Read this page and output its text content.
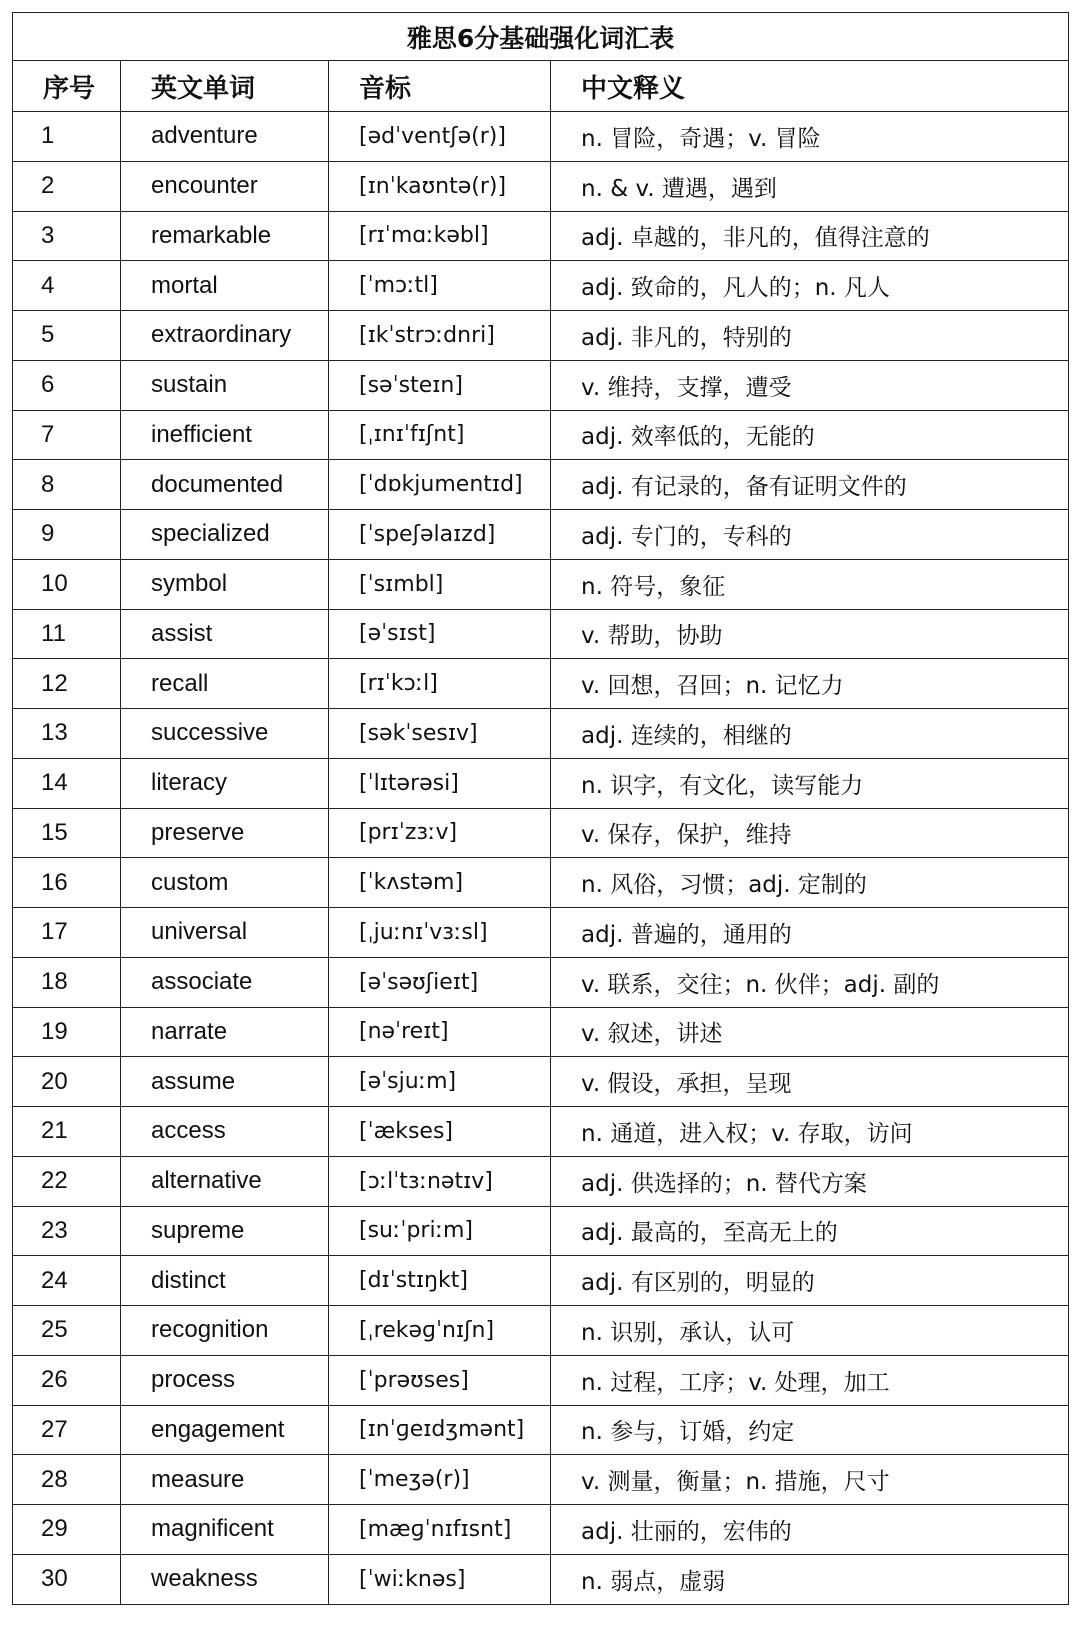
雅思6分基础强化词汇表			
序号	英文单词	音标	中文释义
1	adventure	[ədˈventʃə(r)]	n. 冒险，奇遇；v. 冒险
2	encounter	[ɪnˈkaʊntə(r)]	n. & v. 遭遇，遇到
3	remarkable	[rɪˈmɑːkəbl]	adj. 卓越的，非凡的，值得注意的
4	mortal	[ˈmɔːtl]	adj. 致命的，凡人的；n. 凡人
5	extraordinary	[ɪkˈstrɔːdnri]	adj. 非凡的，特别的
6	sustain	[səˈsteɪn]	v. 维持，支撑，遭受
7	inefficient	[ˌɪnɪˈfɪʃnt]	adj. 效率低的，无能的
8	documented	[ˈdɒkjumentɪd]	adj. 有记录的，备有证明文件的
9	specialized	[ˈspeʃəlaɪzd]	adj. 专门的，专科的
10	symbol	[ˈsɪmbl]	n. 符号，象征
11	assist	[əˈsɪst]	v. 帮助，协助
12	recall	[rɪˈkɔːl]	v. 回想，召回；n. 记忆力
13	successive	[səkˈsesɪv]	adj. 连续的，相继的
14	literacy	[ˈlɪtərəsi]	n. 识字，有文化，读写能力
15	preserve	[prɪˈzɜːv]	v. 保存，保护，维持
16	custom	[ˈkʌstəm]	n. 风俗，习惯；adj. 定制的
17	universal	[ˌjuːnɪˈvɜːsl]	adj. 普遍的，通用的
18	associate	[əˈsəʊʃieɪt]	v. 联系，交往；n. 伙伴；adj. 副的
19	narrate	[nəˈreɪt]	v. 叙述，讲述
20	assume	[əˈsjuːm]	v. 假设，承担，呈现
21	access	[ˈækses]	n. 通道，进入权；v. 存取，访问
22	alternative	[ɔːlˈtɜːnətɪv]	adj. 供选择的；n. 替代方案
23	supreme	[suːˈpriːm]	adj. 最高的，至高无上的
24	distinct	[dɪˈstɪŋkt]	adj. 有区别的，明显的
25	recognition	[ˌrekəɡˈnɪʃn]	n. 识别，承认，认可
26	process	[ˈprəʊses]	n. 过程，工序；v. 处理，加工
27	engagement	[ɪnˈɡeɪdʒmənt]	n. 参与，订婚，约定
28	measure	[ˈmeʒə(r)]	v. 测量，衡量；n. 措施，尺寸
29	magnificent	[mæɡˈnɪfɪsnt]	adj. 壮丽的，宏伟的
30	weakness	[ˈwiːknəs]	n. 弱点，虚弱
